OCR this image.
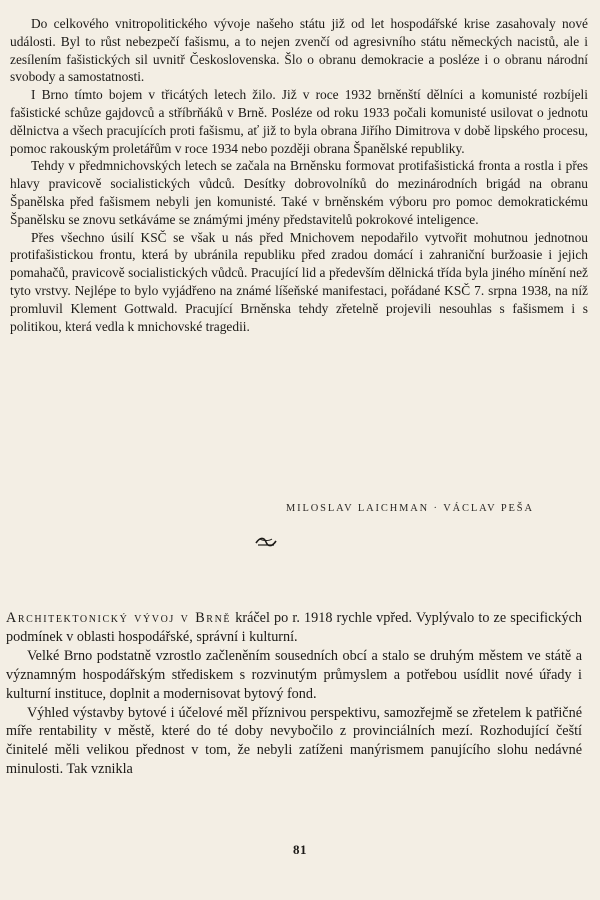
Do celkového vnitropolitického vývoje našeho státu již od let hospodářské krise zasahovaly nové události. Byl to růst nebezpečí fašismu, a to nejen zvenčí od agresivního státu německých nacistů, ale i zesílením fašistických sil uvnitř Československa. Šlo o obranu demokracie a posléze i o obranu národní svobody a samostatnosti.

I Brno tímto bojem v třicátých letech žilo. Již v roce 1932 brněnští dělníci a komunisté rozbíjeli fašistické schůze gajdovců a stříbrňáků v Brně. Posléze od roku 1933 počali komunisté usilovat o jednotu dělnictva a všech pracujících proti fašismu, ať již to byla obrana Jiřího Dimitrova v době lipského procesu, pomoc rakouským proletářům v roce 1934 nebo později obrana Španělské republiky.

Tehdy v předmnichovských letech se začala na Brněnsku formovat protifašistická fronta a rostla i přes hlavy pravicově socialistických vůdců. Desítky dobrovolníků do mezinárodních brigád na obranu Španělska před fašismem nebyli jen komunisté. Také v brněnském výboru pro pomoc demokratickému Španělsku se znovu setkáváme se známými jmény představitelů pokrokové inteligence.

Přes všechno úsilí KSČ se však u nás před Mnichovem nepodařilo vytvořit mohutnou jednotnou protifašistickou frontu, která by ubránila republiku před zradou domácí i zahraniční buržoasie i jejich pomahačů, pravicově socialistických vůdců. Pracující lid a především dělnická třída byla jiného mínění než tyto vrstvy. Nejlépe to bylo vyjádřeno na známé líšeňské manifestaci, pořádané KSČ 7. srpna 1938, na níž promluvil Klement Gottwald. Pracující Brněnska tehdy zřetelně projevili nesouhlas s fašismem i s politikou, která vedla k mnichovské tragedii.

MILOSLAV LAICHMAN · VÁCLAV PEŠA

Architektonický vývoj v Brně kráčel po r. 1918 rychle vpřed. Vyplývalo to ze specifických podmínek v oblasti hospodářské, správní i kulturní.

Velké Brno podstatně vzrostlo začleněním sousedních obcí a stalo se druhým městem ve státě a významným hospodářským střediskem s rozvinutým průmyslem a potřebou usídlit nové úřady i kulturní instituce, doplnit a modernisovat bytový fond.

Výhled výstavby bytové i účelové měl příznivou perspektivu, samozřejmě se zřetelem k patřičné míře rentability v městě, které do té doby nevybočilo z provinciálních mezí. Rozhodující čeští činitelé měli velikou přednost v tom, že nebyli zatíženi manýrismem panujícího slohu nedávné minulosti. Tak vznikla

81
